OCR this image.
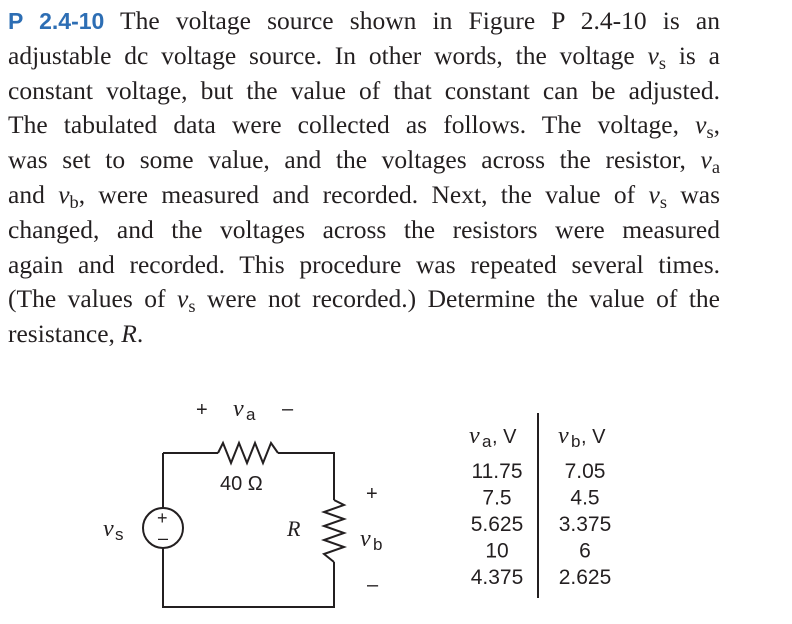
P 2.4-10 The voltage source shown in Figure P 2.4-10 is an
adjustable dc voltage source. In other words, the voltage $v_s$ is a
constant voltage, but the value of that constant can be adjusted.
The tabulated data were collected as follows. The voltage, $v_s$,
was set to some value, and the voltages across the resistor, $v_a$
and $v_b$, were measured and recorded. Next, the value of $v_s$ was
changed, and the voltages across the resistors were measured
again and recorded. This procedure was repeated several times.
(The values of $v_s$ were not recorded.) Determine the value of the
resistance, R.
+ v a –
40 Ω
v s
+
–	R
+
v b
–
v a , V v b , V
11.75 7.05
7.5	4.5
5.625 3.375
10	6
4.375 2.625
